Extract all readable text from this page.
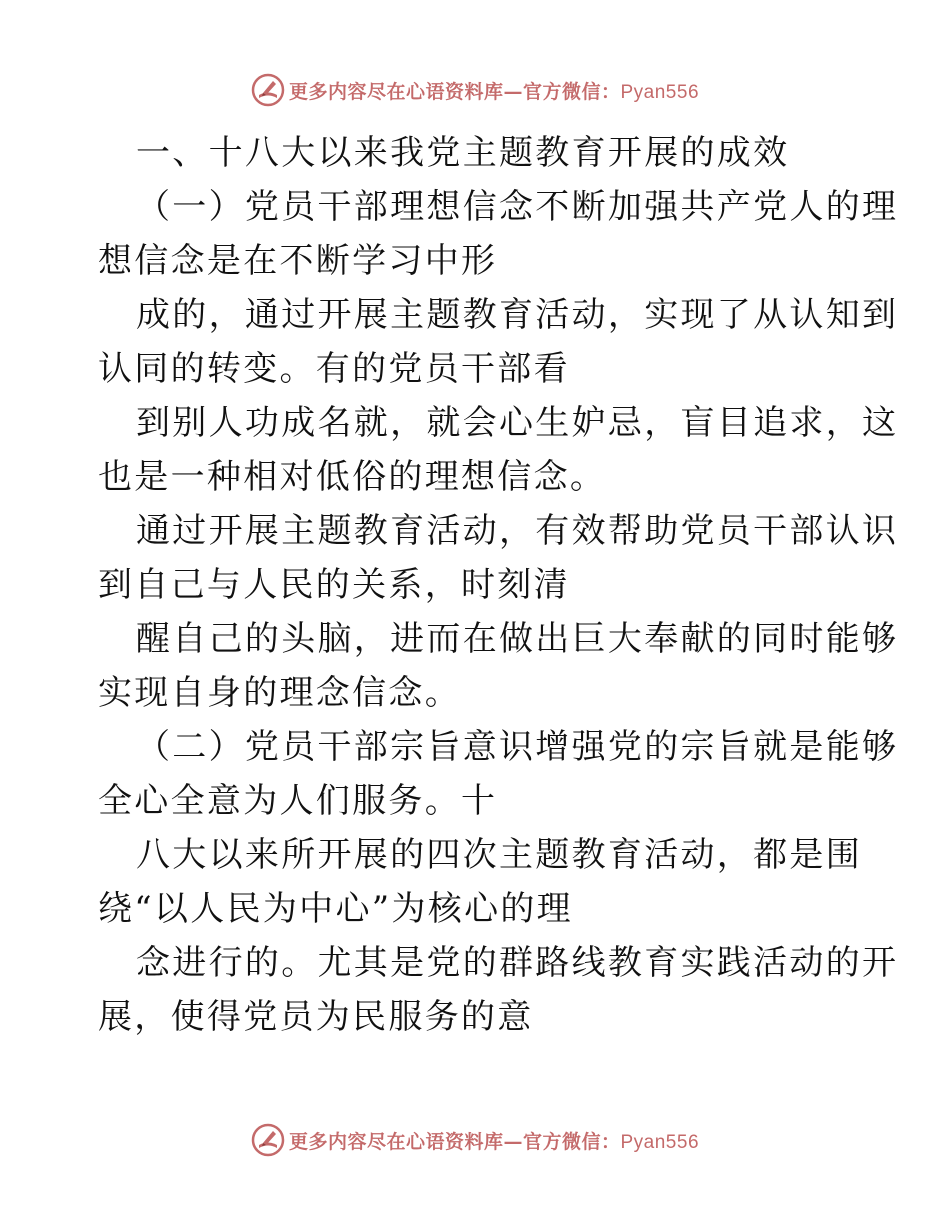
更多内容尽在心语资料库—官方微信：Pyan556
一、十八大以来我党主题教育开展的成效
（一）党员干部理想信念不断加强共产党人的理
想信念是在不断学习中形
成的，通过开展主题教育活动，实现了从认知到
认同的转变。有的党员干部看
到别人功成名就，就会心生妒忌，盲目追求，这
也是一种相对低俗的理想信念。
通过开展主题教育活动，有效帮助党员干部认识
到自己与人民的关系，时刻清
醒自己的头脑，进而在做出巨大奉献的同时能够
实现自身的理念信念。
（二）党员干部宗旨意识增强党的宗旨就是能够
全心全意为人们服务。十
八大以来所开展的四次主题教育活动，都是围
绕“以人民为中心”为核心的理
念进行的。尤其是党的群路线教育实践活动的开
展，使得党员为民服务的意
更多内容尽在心语资料库—官方微信：Pyan556
